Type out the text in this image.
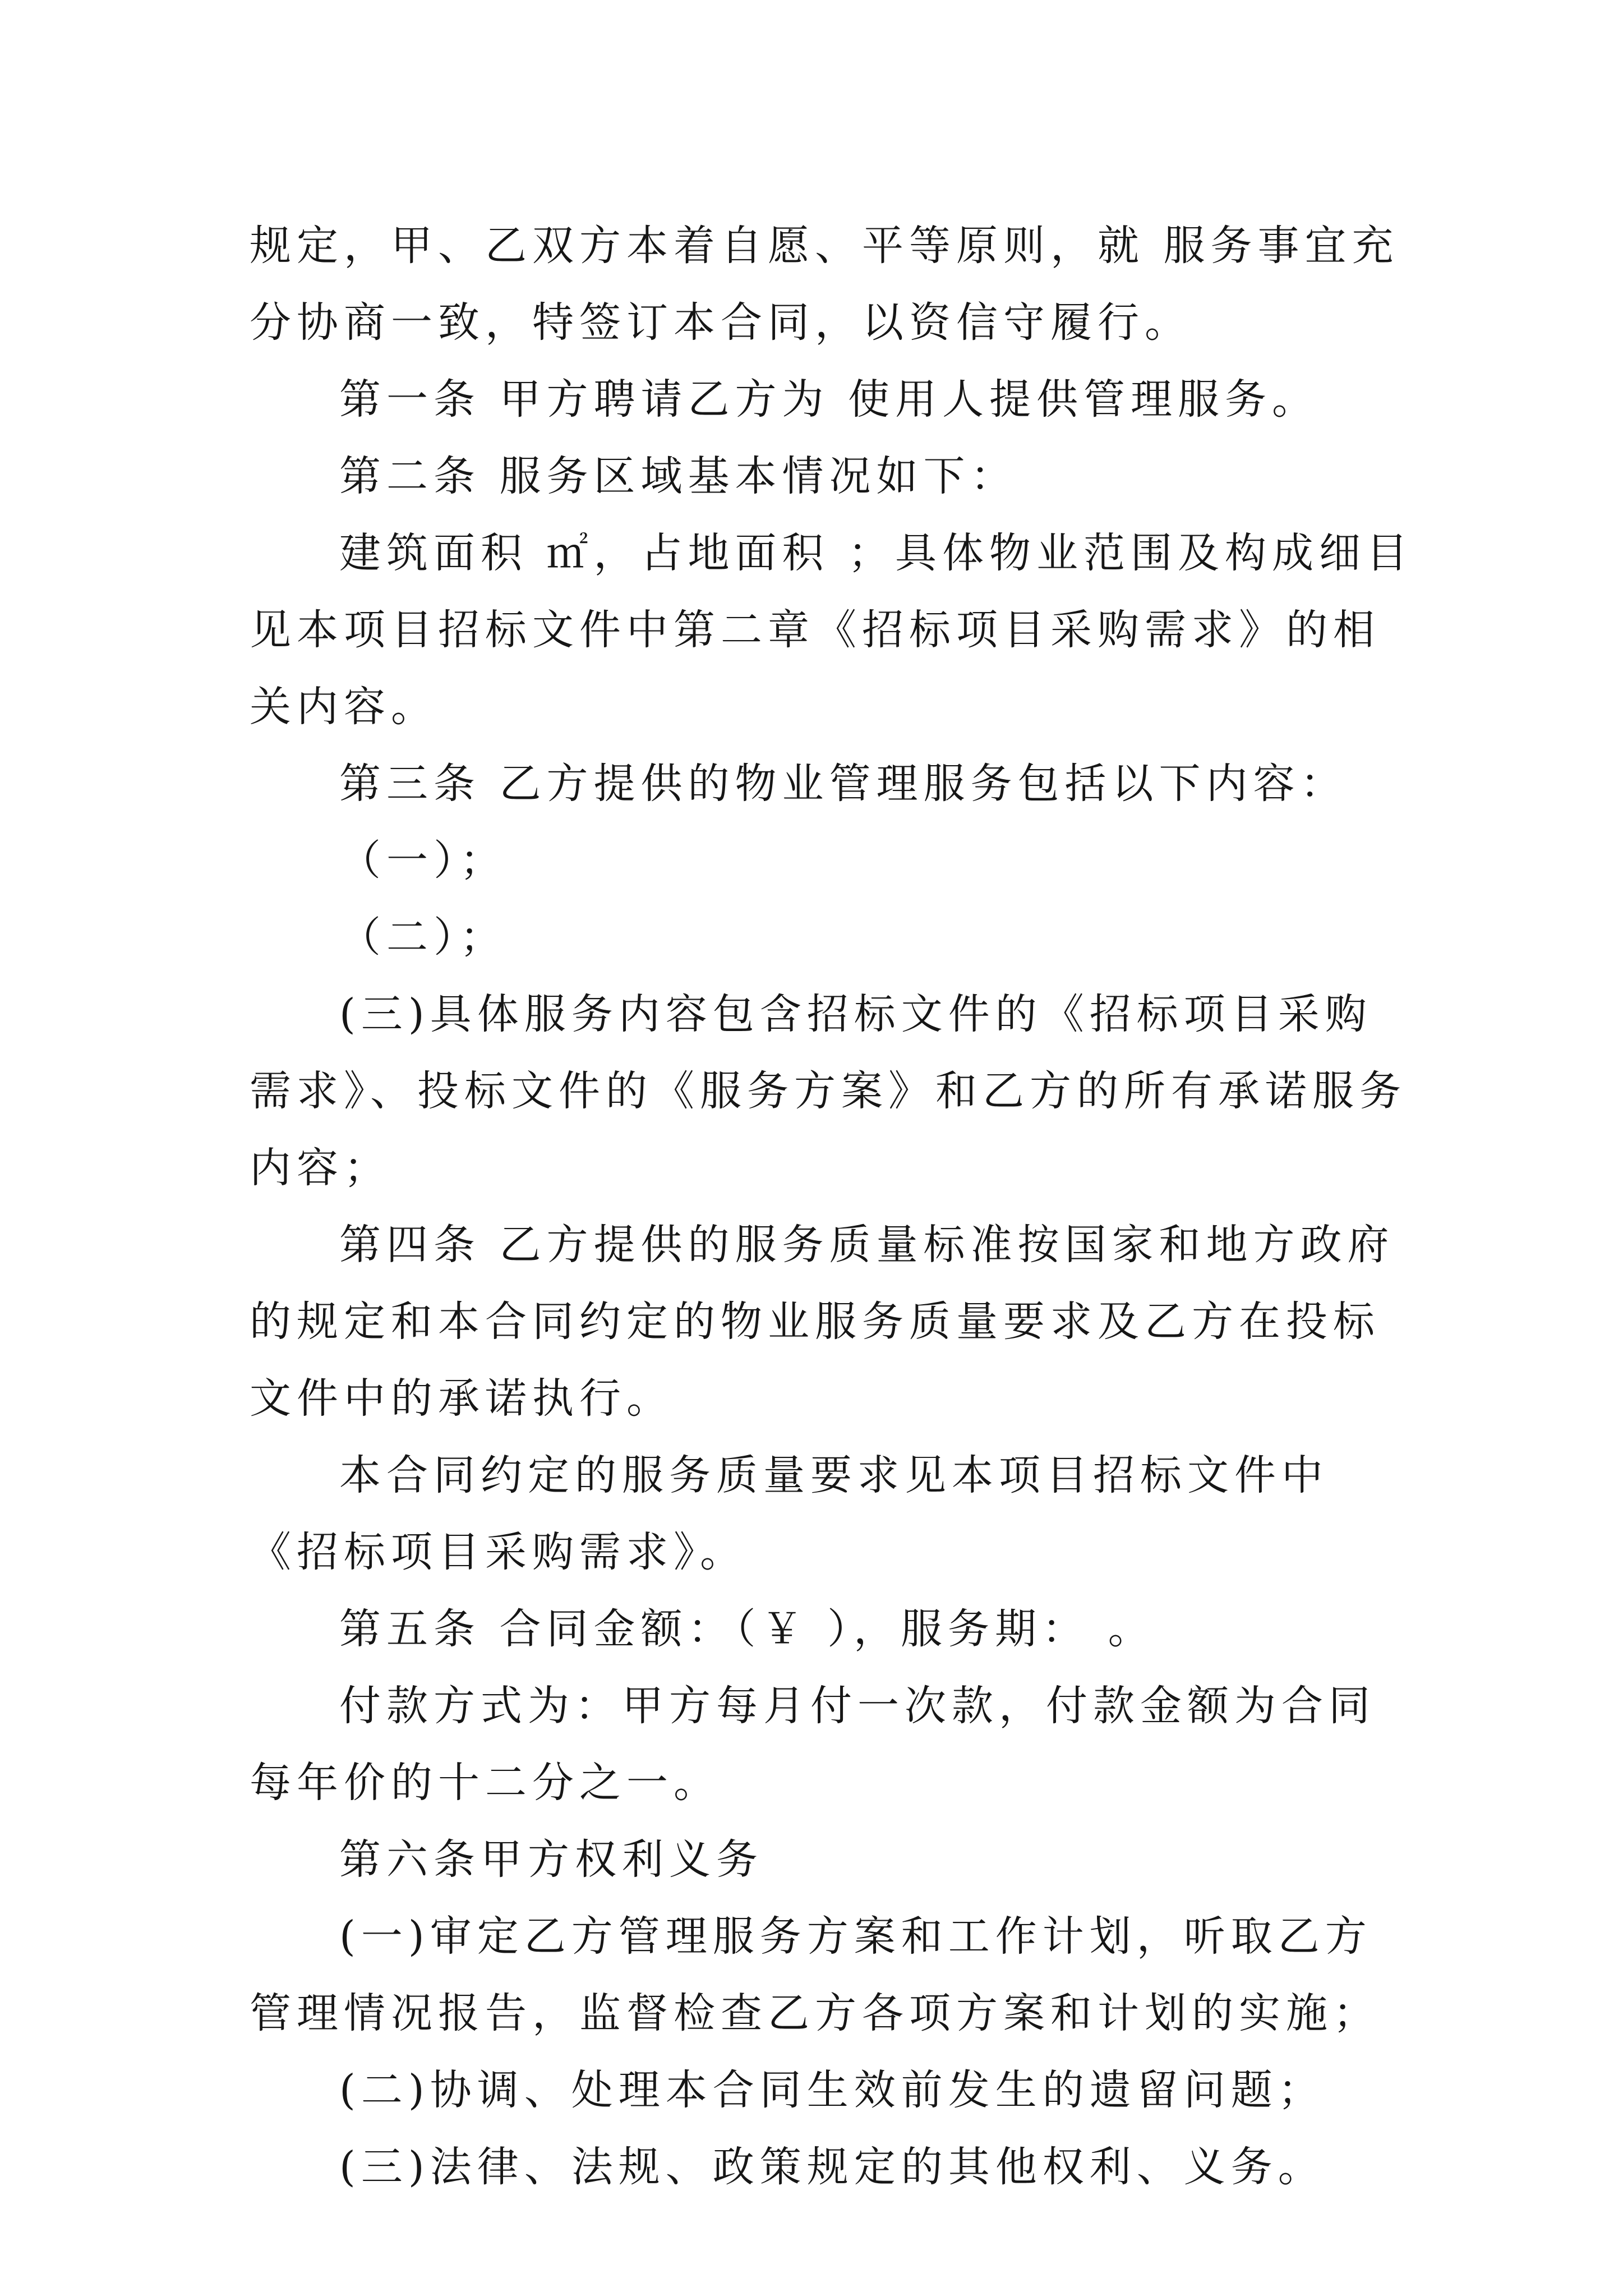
规定，甲、乙双方本着自愿、平等原则，就 服务事宜充分协商一致，特签订本合同，以资信守履行。

第一条 甲方聘请乙方为 使用人提供管理服务。

第二条 服务区域基本情况如下：

建筑面积 ㎡，占地面积 ；具体物业范围及构成细目见本项目招标文件中第二章《招标项目采购需求》的相关内容。

第三条 乙方提供的物业管理服务包括以下内容：

（一）；

（二）；

(三)具体服务内容包含招标文件的《招标项目采购需求》、投标文件的《服务方案》和乙方的所有承诺服务内容；

第四条 乙方提供的服务质量标准按国家和地方政府的规定和本合同约定的物业服务质量要求及乙方在投标文件中的承诺执行。

本合同约定的服务质量要求见本项目招标文件中《招标项目采购需求》。

第五条 合同金额：（￥ ），服务期： 。

付款方式为：甲方每月付一次款，付款金额为合同每年价的十二分之一。

第六条甲方权利义务

(一)审定乙方管理服务方案和工作计划，听取乙方管理情况报告，监督检查乙方各项方案和计划的实施；

(二)协调、处理本合同生效前发生的遗留问题；

(三)法律、法规、政策规定的其他权利、义务。
